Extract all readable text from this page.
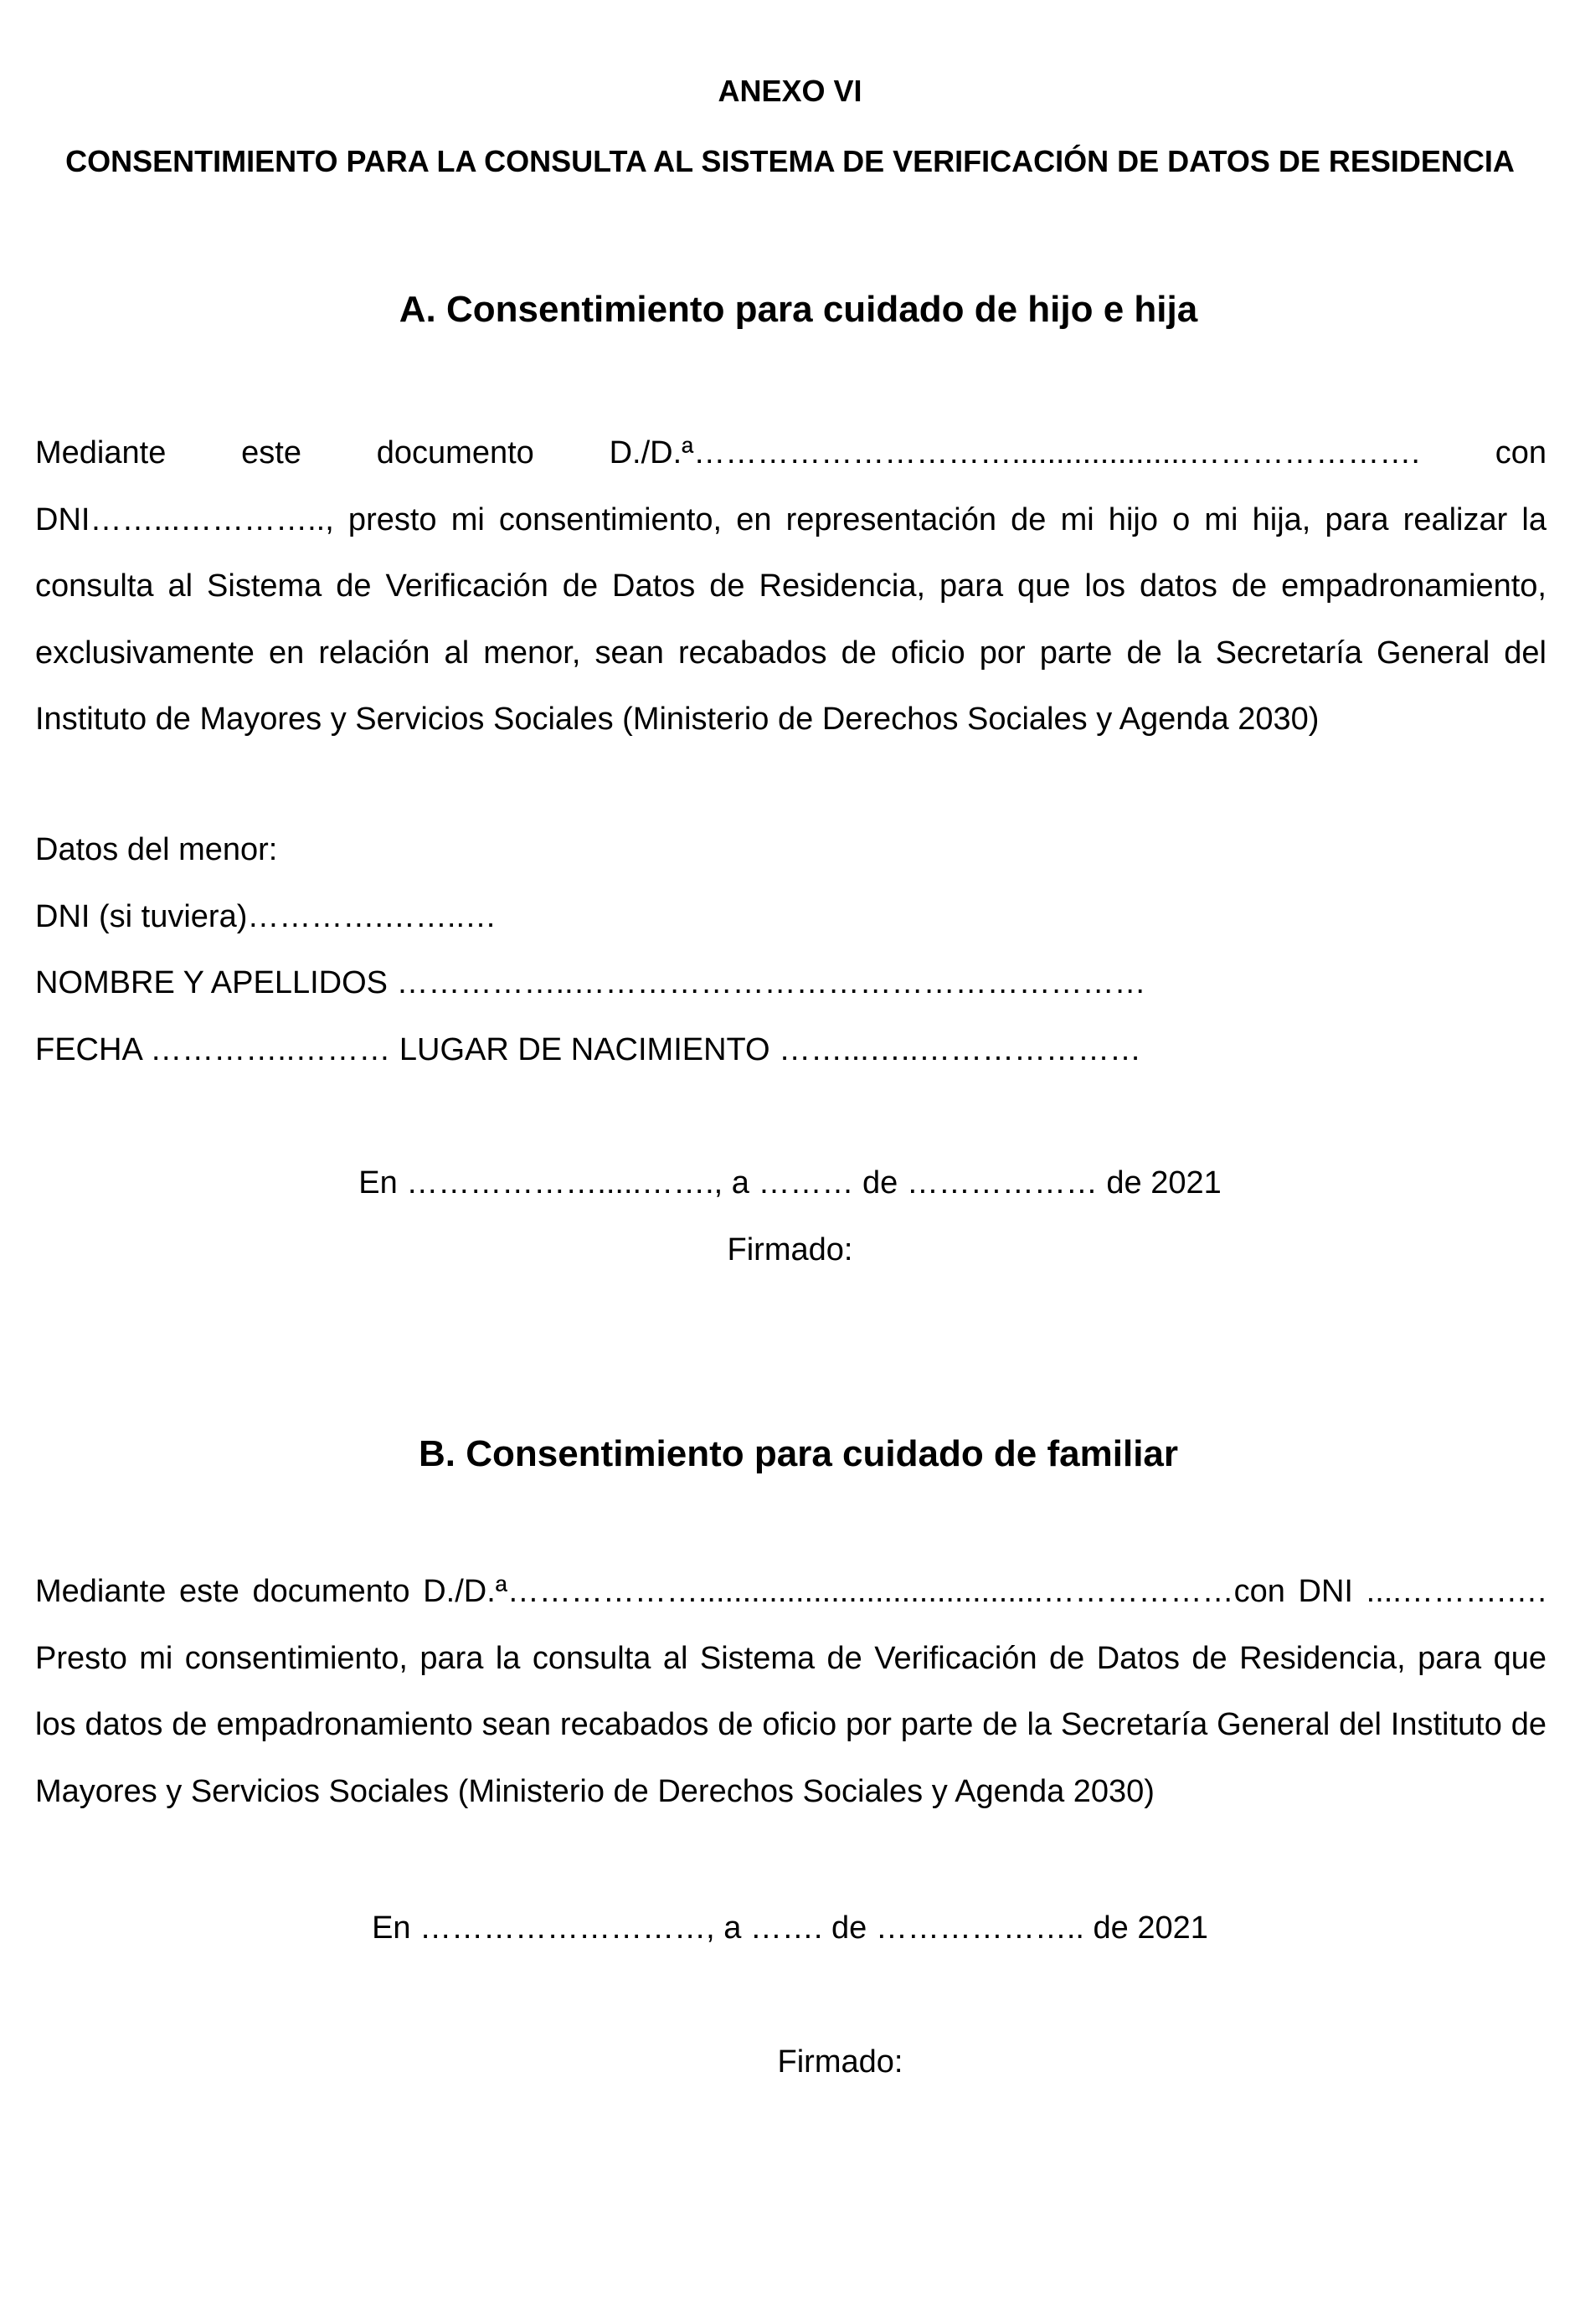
ANEXO VI
CONSENTIMIENTO PARA LA CONSULTA AL SISTEMA DE VERIFICACIÓN DE DATOS DE RESIDENCIA
A. Consentimiento para cuidado de hijo e hija
Mediante este documento D./D.ª…………………………....................…………………. con DNI……...………….., presto mi consentimiento, en representación de mi hijo o mi hija, para realizar la consulta al Sistema de Verificación de Datos de Residencia, para que los datos de empadronamiento, exclusivamente en relación al menor, sean recabados de oficio por parte de la Secretaría General del Instituto de Mayores y Servicios Sociales (Ministerio de Derechos Sociales y Agenda 2030)
Datos del menor:
DNI (si tuviera)………….……..…
NOMBRE Y APELLIDOS ……………..………………………………………………
FECHA …………..……… LUGAR DE NACIMIENTO ……...…..…………………
En ……………….....……., a ……… de ……………… de 2021
Firmado:
B. Consentimiento para cuidado de familiar
Mediante este documento D./D.ª……………….......................................………………con DNI ....……….…. Presto mi consentimiento, para la consulta al Sistema de Verificación de Datos de Residencia, para que los datos de empadronamiento sean recabados de oficio por parte de la Secretaría General del Instituto de Mayores y Servicios Sociales (Ministerio de Derechos Sociales y Agenda 2030)
En ………………………, a ……. de ……………….. de 2021
Firmado:
